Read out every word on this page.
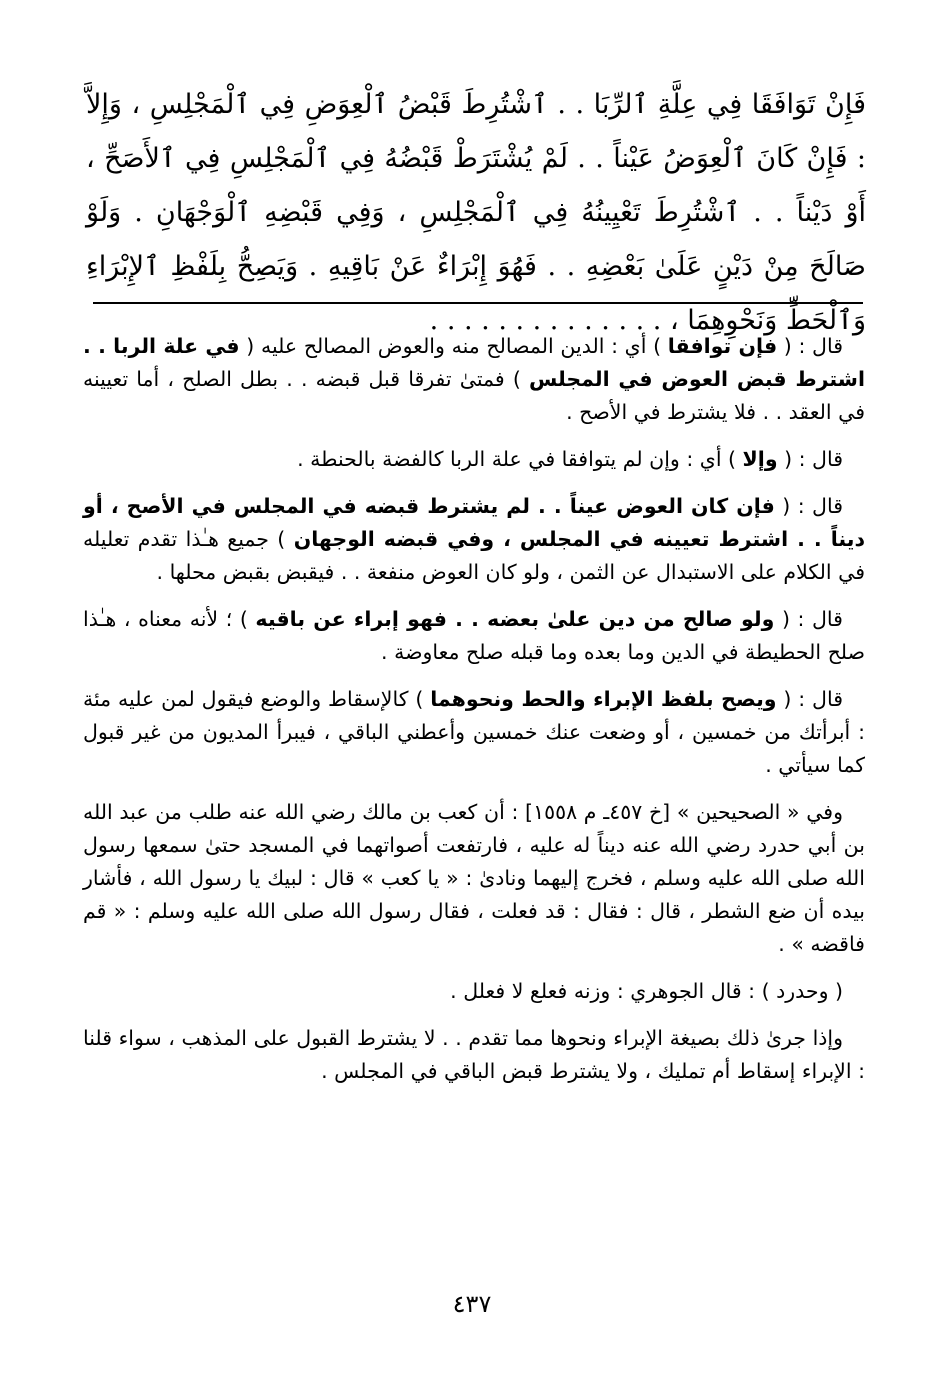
فَإِنْ تَوَافَقَا فِي عِلَّةِ ٱلرِّبَا . . ٱشْتُرِطَ قَبْضُ ٱلْعِوَضِ فِي ٱلْمَجْلِسِ ، وَإِلاَّ : فَإِنْ كَانَ ٱلْعِوَضُ عَيْناً . . لَمْ يُشْتَرَطْ قَبْضُهُ فِي ٱلْمَجْلِسِ فِي ٱلأَصَحِّ ، أَوْ دَيْناً . . ٱشْتُرِطَ تَعْيِينُهُ فِي ٱلْمَجْلِسِ ، وَفِي قَبْضِهِ ٱلْوَجْهَانِ . وَلَوْ صَالَحَ مِنْ دَيْنٍ عَلَىٰ بَعْضِهِ . . فَهُوَ إِبْرَاءٌ عَنْ بَاقِيهِ . وَيَصِحُّ بِلَفْظِ ٱلإِبْرَاءِ وَٱلْحَطِّ وَنَحْوِهِمَا ، . . . . . . . . . . . . . .

قال : ( فإن توافقا ) أي : الدين المصالح منه والعوض المصالح عليه ( في علة الربا . . اشترط قبض العوض في المجلس ) فمتىٰ تفرقا قبل قبضه . . بطل الصلح ، أما تعيينه في العقد . . فلا يشترط في الأصح .

قال : ( وإلا ) أي : وإن لم يتوافقا في علة الربا كالفضة بالحنطة .

قال : ( فإن كان العوض عيناً . . لم يشترط قبضه في المجلس في الأصح ، أو ديناً . . اشترط تعيينه في المجلس ، وفي قبضه الوجهان ) جميع هـٰذا تقدم تعليله في الكلام على الاستبدال عن الثمن ، ولو كان العوض منفعة . . فيقبض بقبض محلها .

قال : ( ولو صالح من دين علىٰ بعضه . . فهو إبراء عن باقيه ) ؛ لأنه معناه ، هـٰذا صلح الحطيطة في الدين وما بعده وما قبله صلح معاوضة .

قال : ( ويصح بلفظ الإبراء والحط ونحوهما ) كالإسقاط والوضع فيقول لمن عليه مئة : أبرأتك من خمسين ، أو وضعت عنك خمسين وأعطني الباقي ، فيبرأ المديون من غير قبول كما سيأتي .

وفي « الصحيحين » [خ ٤٥٧ـ م ١٥٥٨] : أن كعب بن مالك رضي الله عنه طلب من عبد الله بن أبي حدرد رضي الله عنه ديناً له عليه ، فارتفعت أصواتهما في المسجد حتىٰ سمعها رسول الله صلى الله عليه وسلم ، فخرج إليهما ونادىٰ : « يا كعب » قال : لبيك يا رسول الله ، فأشار بيده أن ضع الشطر ، قال : فقال : قد فعلت ، فقال رسول الله صلى الله عليه وسلم : « قم فاقضه » .

( وحدرد ) : قال الجوهري : وزنه فعلع لا فعلل .

وإذا جرىٰ ذلك بصيغة الإبراء ونحوها مما تقدم . . لا يشترط القبول على المذهب ، سواء قلنا : الإبراء إسقاط أم تمليك ، ولا يشترط قبض الباقي في المجلس .

٤٣٧
